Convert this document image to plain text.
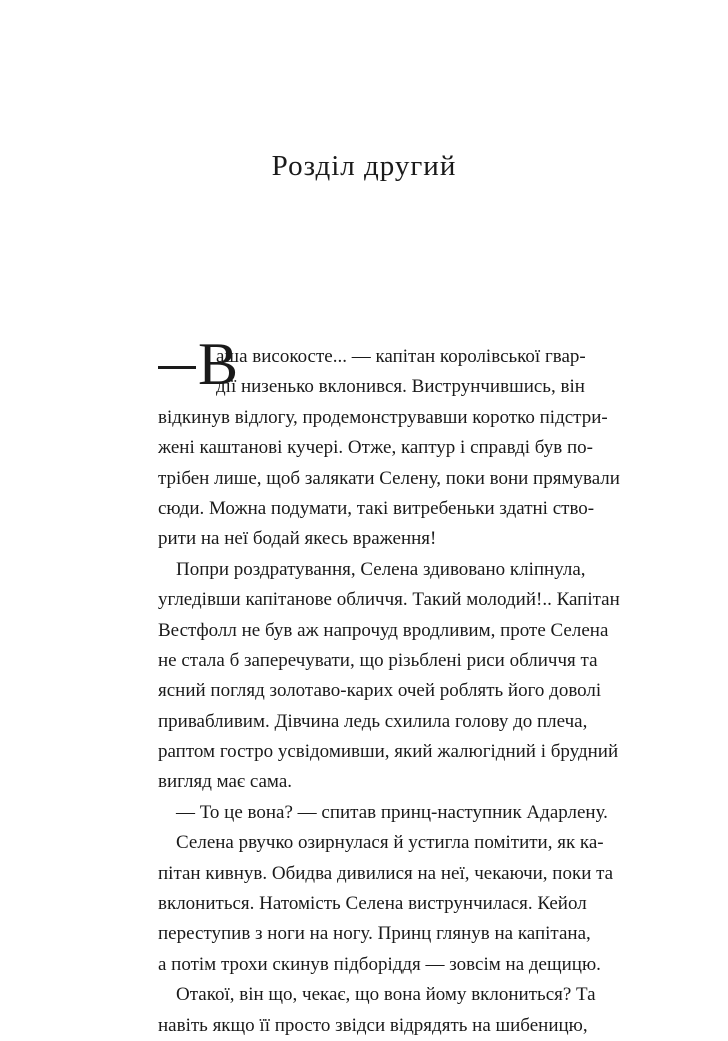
Розділ другий
В
аша високосте... — капітан королівської гвар-
дії низенько вклонився. Виструнчившись, він
відкинув відлогу, продемонструвавши коротко підстри-
жені каштанові кучері. Отже, каптур і справді був по-
трібен лише, щоб залякати Селену, поки вони прямували
сюди. Можна подумати, такі витребеньки здатні ство-
рити на неї бодай якесь враження!
Попри роздратування, Селена здивовано кліпнула,
угледівши капітанове обличчя. Такий молодий!.. Капітан
Вестфолл не був аж напрочуд вродливим, проте Селена
не стала б заперечувати, що різьблені риси обличчя та
ясний погляд золотаво-карих очей роблять його доволі
привабливим. Дівчина ледь схилила голову до плеча,
раптом гостро усвідомивши, який жалюгідний і брудний
вигляд має сама.
— То це вона? — спитав принц-наступник Адарлену.
Селена рвучко озирнулася й устигла помітити, як ка-
пітан кивнув. Обидва дивилися на неї, чекаючи, поки та
вклониться. Натомість Селена виструнчилася. Кейол
переступив з ноги на ногу. Принц глянув на капітана,
а потім трохи скинув підборіддя — зовсім на дещицю.
Отакої, він що, чекає, що вона йому вклониться? Та
навіть якщо її просто звідси відрядять на шибеницю,
